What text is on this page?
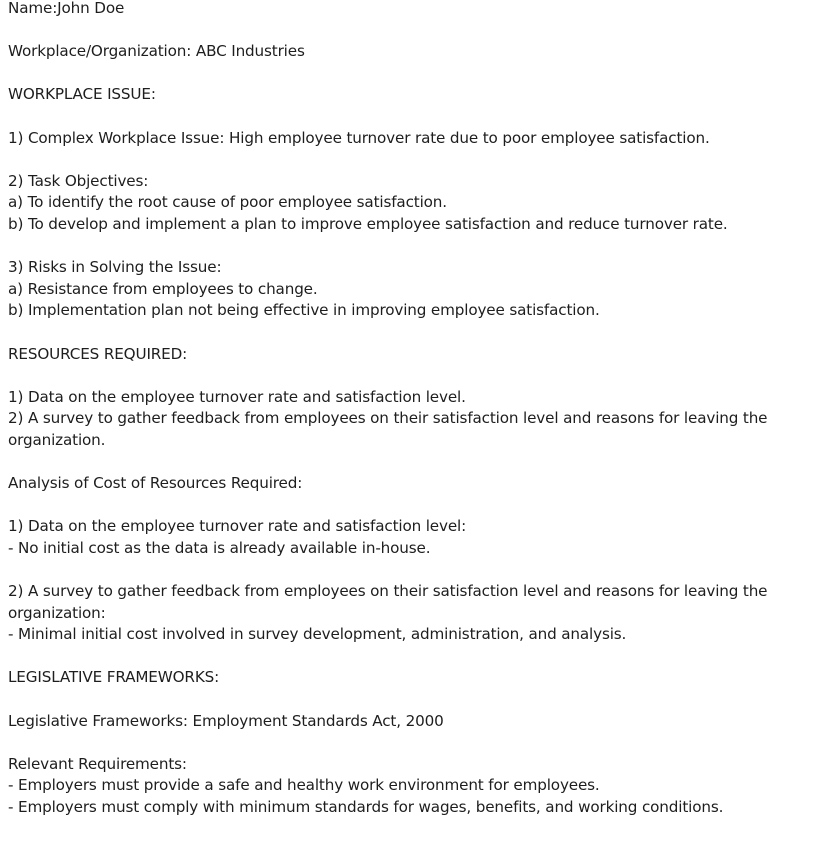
Name:John Doe
Workplace/Organization: ABC Industries
WORKPLACE ISSUE:
1) Complex Workplace Issue: High employee turnover rate due to poor employee satisfaction.
2) Task Objectives:
a) To identify the root cause of poor employee satisfaction.
b) To develop and implement a plan to improve employee satisfaction and reduce turnover rate.
3) Risks in Solving the Issue:
a) Resistance from employees to change.
b) Implementation plan not being effective in improving employee satisfaction.
RESOURCES REQUIRED:
1) Data on the employee turnover rate and satisfaction level.
2) A survey to gather feedback from employees on their satisfaction level and reasons for leaving the organization.
Analysis of Cost of Resources Required:
1) Data on the employee turnover rate and satisfaction level:
- No initial cost as the data is already available in-house.
2) A survey to gather feedback from employees on their satisfaction level and reasons for leaving the organization:
- Minimal initial cost involved in survey development, administration, and analysis.
LEGISLATIVE FRAMEWORKS:
Legislative Frameworks: Employment Standards Act, 2000
Relevant Requirements:
- Employers must provide a safe and healthy work environment for employees.
- Employers must comply with minimum standards for wages, benefits, and working conditions.
